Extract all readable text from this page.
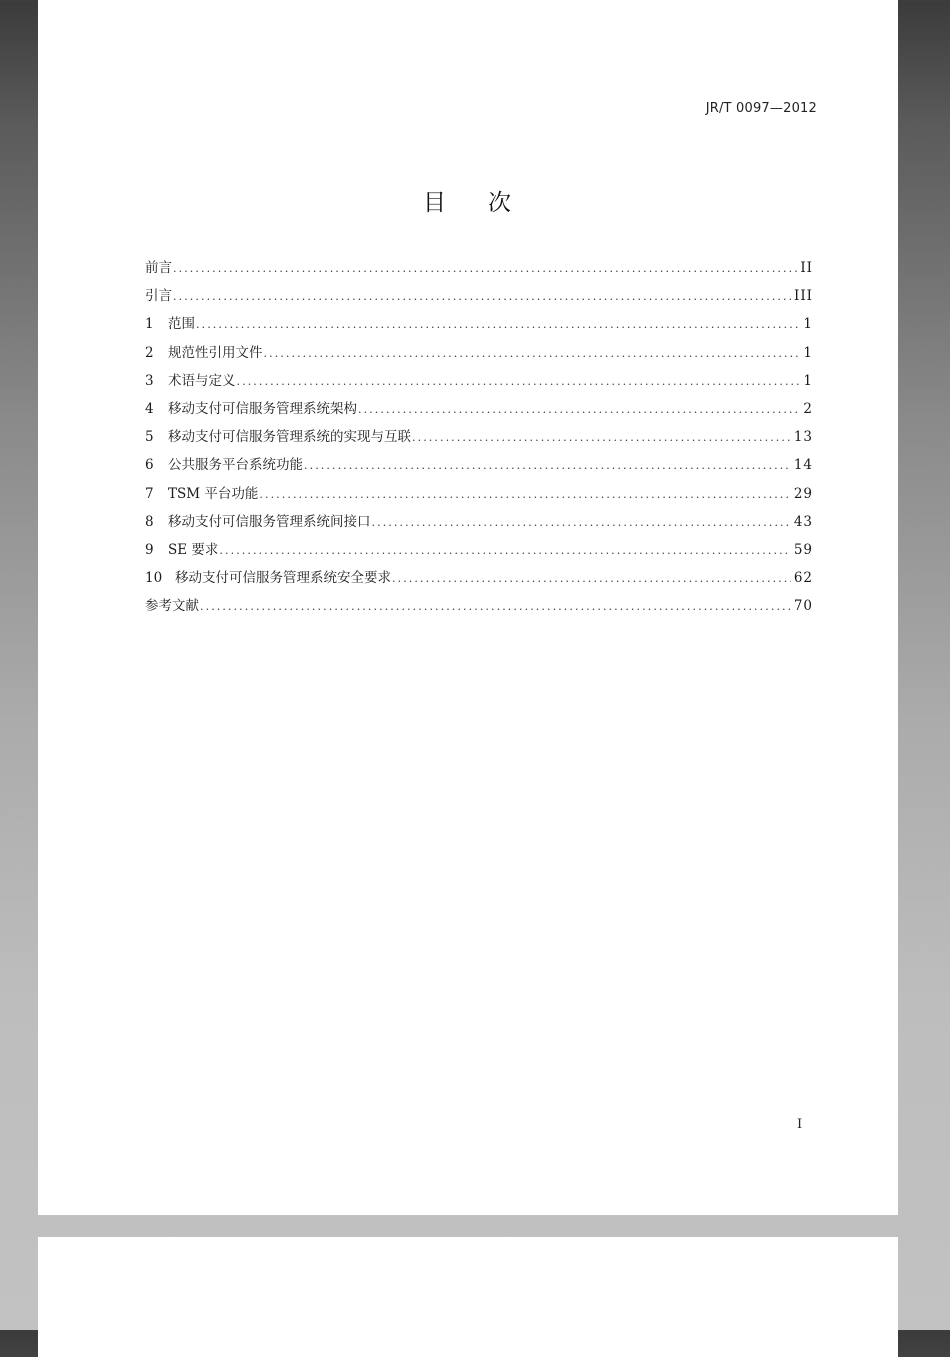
JR/T 0097—2012
目 次
前言 .....	II
引言 .....	III
1	范围 .....	1
2	规范性引用文件 .....	1
3	术语与定义 .....	1
4	移动支付可信服务管理系统架构 .....	2
5	移动支付可信服务管理系统的实现与互联 .....	13
6	公共服务平台系统功能 .....	14
7	TSM 平台功能 .....	29
8	移动支付可信服务管理系统间接口 .....	43
9	SE 要求 .....	59
10 移动支付可信服务管理系统安全要求 .....	62
参考文献 .....	70
I
